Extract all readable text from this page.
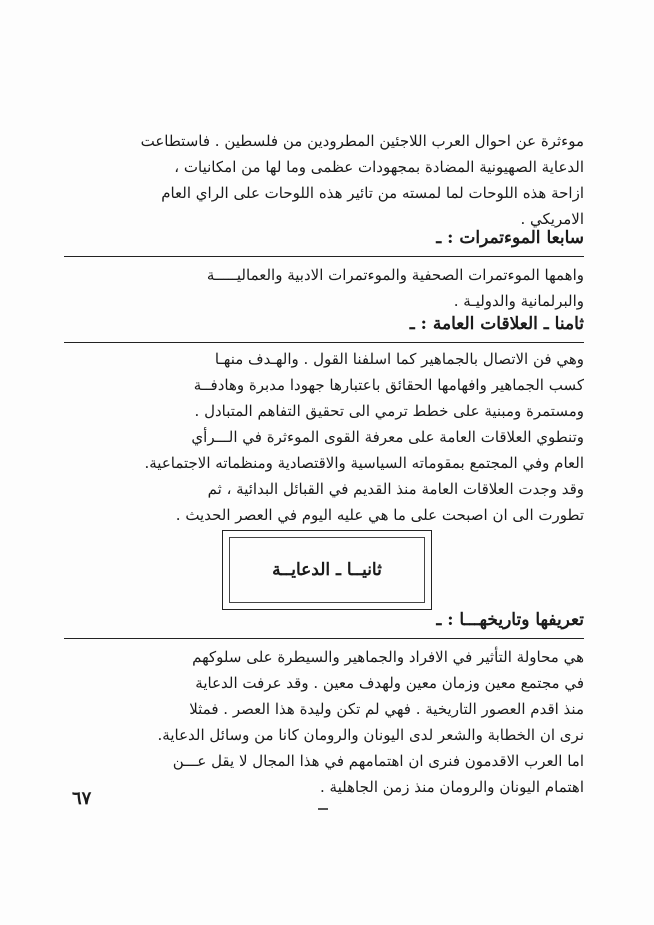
موءثرة عن احوال العرب اللاجئين المطرودين من فلسطين . فاستطاعت
الدعاية الصهيونية المضادة بمجهودات عظمى وما لها من امكانيات ،
ازاحة هذه اللوحات لما لمسته من تائير هذه اللوحات على الراي العام
الامريكي .
سابعا الموءتمرات : ـ
واهمها الموءتمرات الصحفية والموءتمرات الادبية والعماليـــــة
والبرلمانية والدوليـة .
ثامنا ـ العلاقات العامة : ـ
وهي فن الاتصال بالجماهير كما اسلفنا القول . والهـدف منهـا
كسب الجماهير وافهامها الحقائق باعتبارها جهودا مدبرة وهادفــة
ومستمرة ومبنية على خطط ترمي الى تحقيق التفاهم المتبادل .
وتنطوي العلاقات العامة على معرفة القوى الموءثرة في الـــرأي
العام وفي المجتمع بمقوماته السياسية والاقتصادية ومنظماته الاجتماعية.
وقد وجدت العلاقات العامة منذ القديم في القبائل البدائية ، ثم
تطورت الى ان اصبحت على ما هي عليه اليوم في العصر الحديث .
ثانيــا ـ الدعايــة
تعريفها وتاريخهـــا : ـ
هي محاولة التأثير في الافراد والجماهير والسيطرة على سلوكهم
في مجتمع معين وزمان معين ولهدف معين . وقد عرفت الدعاية
منذ اقدم العصور التاريخية . فهي لم تكن وليدة هذا العصر . فمثلا
نرى ان الخطابة والشعر لدى اليونان والرومان كانا من وسائل الدعاية.
اما العرب الاقدمون فنرى ان اهتمامهم في هذا المجال لا يقل عـــن
اهتمام اليونان والرومان منذ زمن الجاهلية .
٦٧
